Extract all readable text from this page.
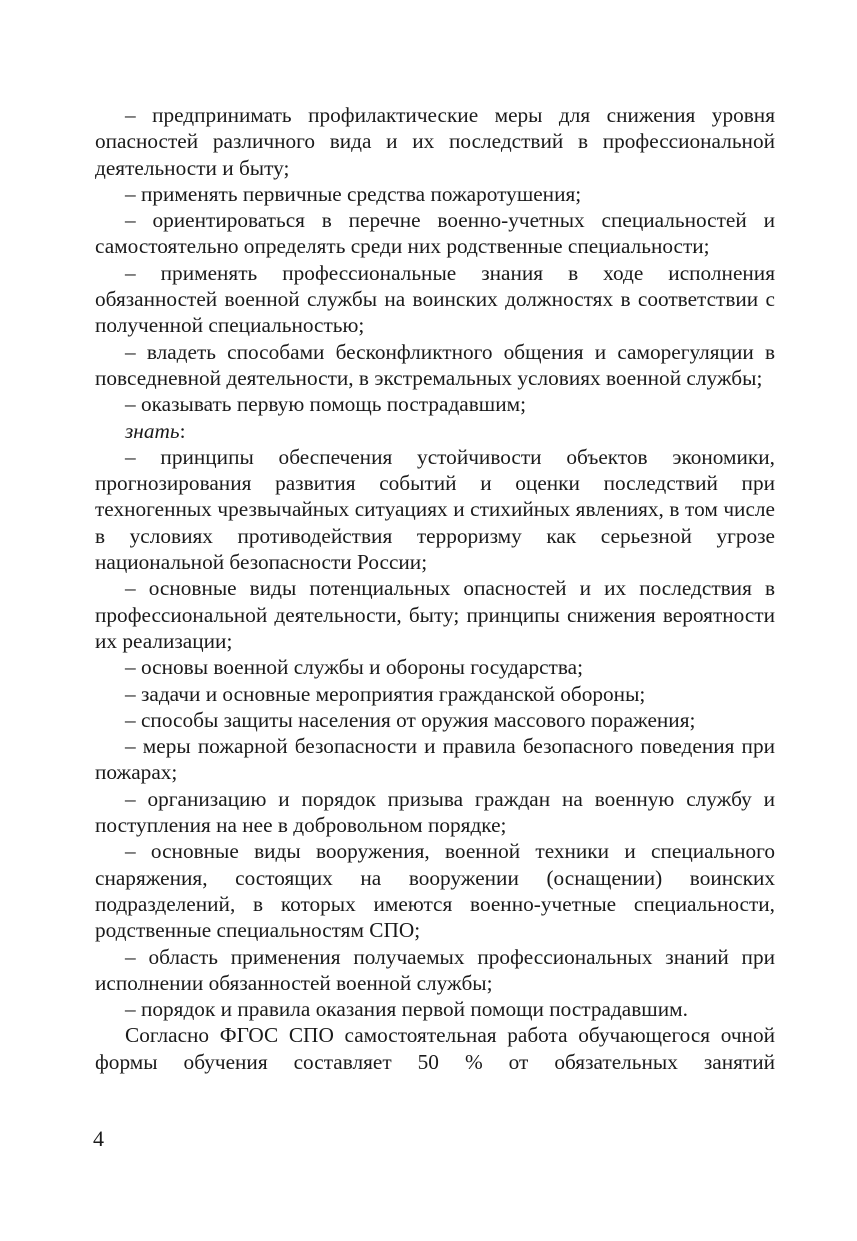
– предпринимать профилактические меры для снижения уровня опасностей различного вида и их последствий в профессиональной деятельности и быту;

– применять первичные средства пожаротушения;

– ориентироваться в перечне военно-учетных специальностей и самостоятельно определять среди них родственные специальности;

– применять профессиональные знания в ходе исполнения обязанностей военной службы на воинских должностях в соответствии с полученной специальностью;

– владеть способами бесконфликтного общения и саморегуляции в повседневной деятельности, в экстремальных условиях военной службы;

– оказывать первую помощь пострадавшим;

знать:

– принципы обеспечения устойчивости объектов экономики, прогнозирования развития событий и оценки последствий при техногенных чрезвычайных ситуациях и стихийных явлениях, в том числе в условиях противодействия терроризму как серьезной угрозе национальной безопасности России;

– основные виды потенциальных опасностей и их последствия в профессиональной деятельности, быту; принципы снижения вероятности их реализации;

– основы военной службы и обороны государства;

– задачи и основные мероприятия гражданской обороны;

– способы защиты населения от оружия массового поражения;

– меры пожарной безопасности и правила безопасного поведения при пожарах;

– организацию и порядок призыва граждан на военную службу и поступления на нее в добровольном порядке;

– основные виды вооружения, военной техники и специального снаряжения, состоящих на вооружении (оснащении) воинских подразделений, в которых имеются военно-учетные специальности, родственные специальностям СПО;

– область применения получаемых профессиональных знаний при исполнении обязанностей военной службы;

– порядок и правила оказания первой помощи пострадавшим.

Согласно ФГОС СПО самостоятельная работа обучающегося очной формы обучения составляет 50 % от обязательных занятий

4
